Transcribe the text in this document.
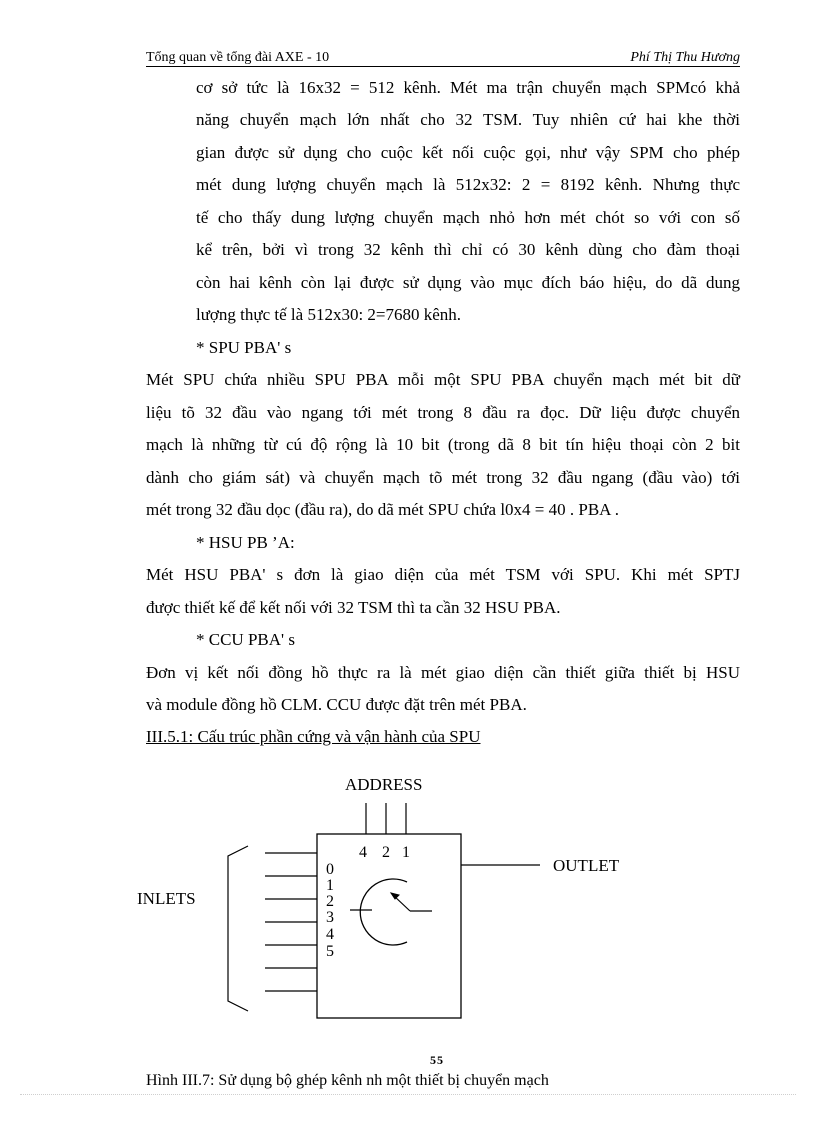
Tổng quan về tổng đài AXE - 10	Phí Thị Thu Hương
cơ sở tức là 16x32 = 512 kênh. Mét ma trận chuyển mạch SPMcó khả
năng chuyển mạch lớn nhất cho 32 TSM. Tuy nhiên cứ hai khe thời
gian được sử dụng cho cuộc kết nối cuộc gọi, như vậy SPM cho phép
mét dung lượng chuyển mạch là 512x32: 2 = 8192 kênh. Nhưng thực
tế cho thấy dung lượng chuyển mạch nhỏ hơn mét chót so với con số
kể trên, bởi vì trong 32 kênh thì chỉ có 30 kênh dùng cho đàm thoại
còn hai kênh còn lại được sử dụng vào mục đích báo hiệu, do dã dung
lượng thực tế là 512x30: 2=7680 kênh.
* SPU PBA' s
Mét SPU chứa nhiều SPU PBA mỗi một SPU PBA chuyển mạch mét bit dữ
liệu tõ 32 đầu vào ngang tới mét trong 8 đầu ra đọc. Dữ liệu được chuyển
mạch là những từ cú độ rộng là 10 bit (trong dã 8 bit tín hiệu thoại còn 2 bit
dành cho giám sát) và chuyển mạch tõ mét trong 32 đầu ngang (đầu vào) tới
mét trong 32 đầu dọc (đầu ra), do dã mét SPU chứa l0x4 = 40 . PBA .
* HSU PB ’A:
Mét HSU PBA' s đơn là giao diện của mét TSM với SPU. Khi mét SPTJ
được thiết kế để kết nối với 32 TSM thì ta cần 32 HSU PBA.
* CCU PBA' s
Đơn vị kết nối đồng hồ thực ra là mét giao diện cần thiết giữa thiết bị HSU
và module đồng hồ CLM. CCU được đặt trên mét PBA.
III.5.1: Cấu trúc phần cứng và vận hành của SPU
ADDRESS
4 2 1
OUTLET
INLETS
0
1
2
3
4
5
55
Hình III.7: Sử dụng bộ ghép kênh nh một thiết bị chuyển mạch
